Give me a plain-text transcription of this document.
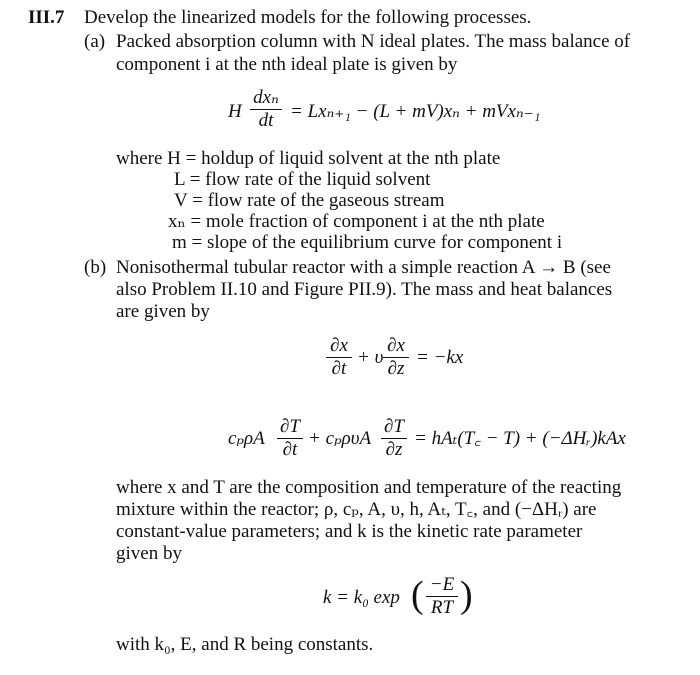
III.7 Develop the linearized models for the following processes.
(a) Packed absorption column with N ideal plates. The mass balance of
component i at the nth ideal plate is given by
H
dxₙ
dt = Lxₙ₊₁ − (L + mV)xₙ + mVxₙ₋₁
where H = holdup of liquid solvent at the nth plate
L = flow rate of the liquid solvent
V = flow rate of the gaseous stream
xₙ = mole fraction of component i at the nth plate
m = slope of the equilibrium curve for component i
(b) Nonisothermal tubular reactor with a simple reaction A → B (see
also Problem II.10 and Figure PII.9). The mass and heat balances
are given by
∂x
∂t
+ υ
∂x
∂z
= −kx
cₚρA
∂T
∂t
+ cₚρυA
∂T
∂z
= hAₜ(T꜀ − T) + (−ΔHᵣ)kAx
where x and T are the composition and temperature of the reacting
mixture within the reactor; ρ, cₚ, A, υ, h, Aₜ, T꜀, and (−ΔHᵣ) are
constant-value parameters; and k is the kinetic rate parameter
given by
k = k₀ exp ( −E
RT )
with k₀, E, and R being constants.
